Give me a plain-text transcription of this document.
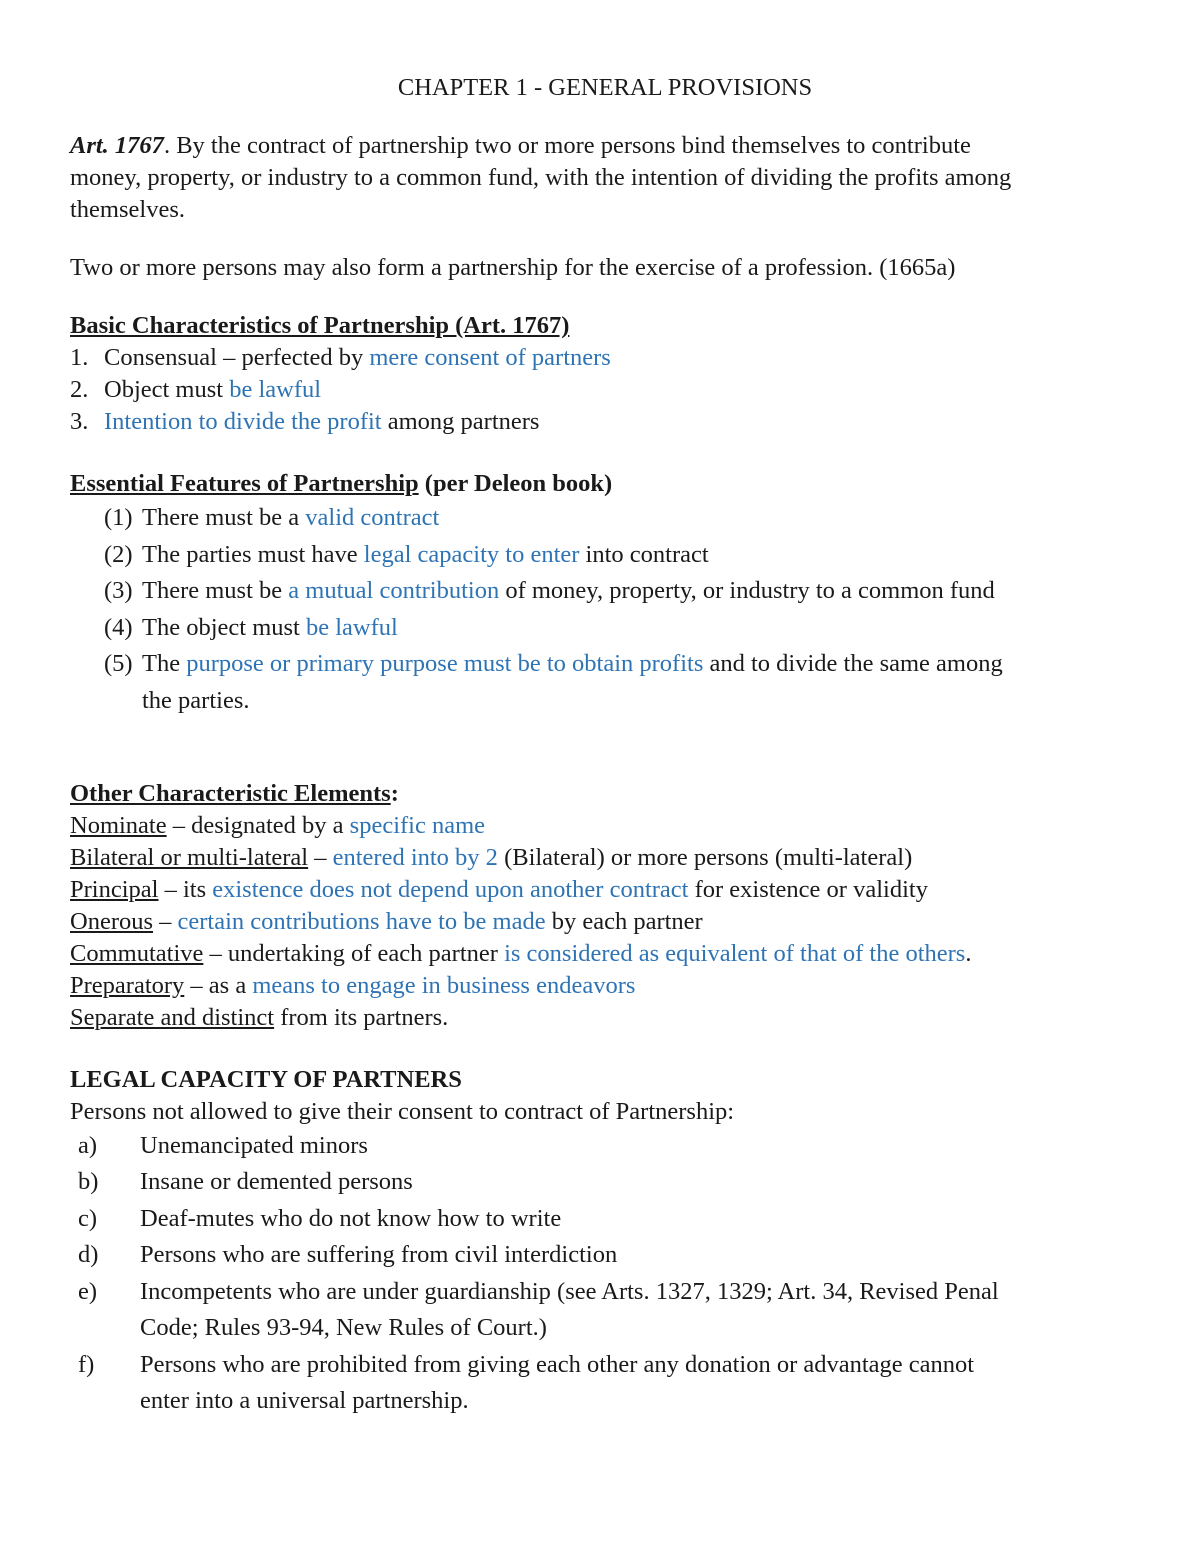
CHAPTER 1 - GENERAL PROVISIONS
Art. 1767. By the contract of partnership two or more persons bind themselves to contribute
money, property, or industry to a common fund, with the intention of dividing the profits among
themselves.
Two or more persons may also form a partnership for the exercise of a profession. (1665a)
Basic Characteristics of Partnership (Art. 1767)
1. Consensual – perfected by mere consent of partners
2. Object must be lawful
3. Intention to divide the profit among partners
Essential Features of Partnership (per Deleon book)
(1) There must be a valid contract
(2) The parties must have legal capacity to enter into contract
(3) There must be a mutual contribution of money, property, or industry to a common fund
(4) The object must be lawful
(5) The purpose or primary purpose must be to obtain profits and to divide the same among
the parties.
Other Characteristic Elements:
Nominate – designated by a specific name
Bilateral or multi-lateral – entered into by 2 (Bilateral) or more persons (multi-lateral)
Principal – its existence does not depend upon another contract for existence or validity
Onerous – certain contributions have to be made by each partner
Commutative – undertaking of each partner is considered as equivalent of that of the others.
Preparatory – as a means to engage in business endeavors
Separate and distinct from its partners.
LEGAL CAPACITY OF PARTNERS
Persons not allowed to give their consent to contract of Partnership:
a) Unemancipated minors
b) Insane or demented persons
c) Deaf-mutes who do not know how to write
d) Persons who are suffering from civil interdiction
e) Incompetents who are under guardianship (see Arts. 1327, 1329; Art. 34, Revised Penal
Code; Rules 93-94, New Rules of Court.)
f) Persons who are prohibited from giving each other any donation or advantage cannot
enter into a universal partnership.
